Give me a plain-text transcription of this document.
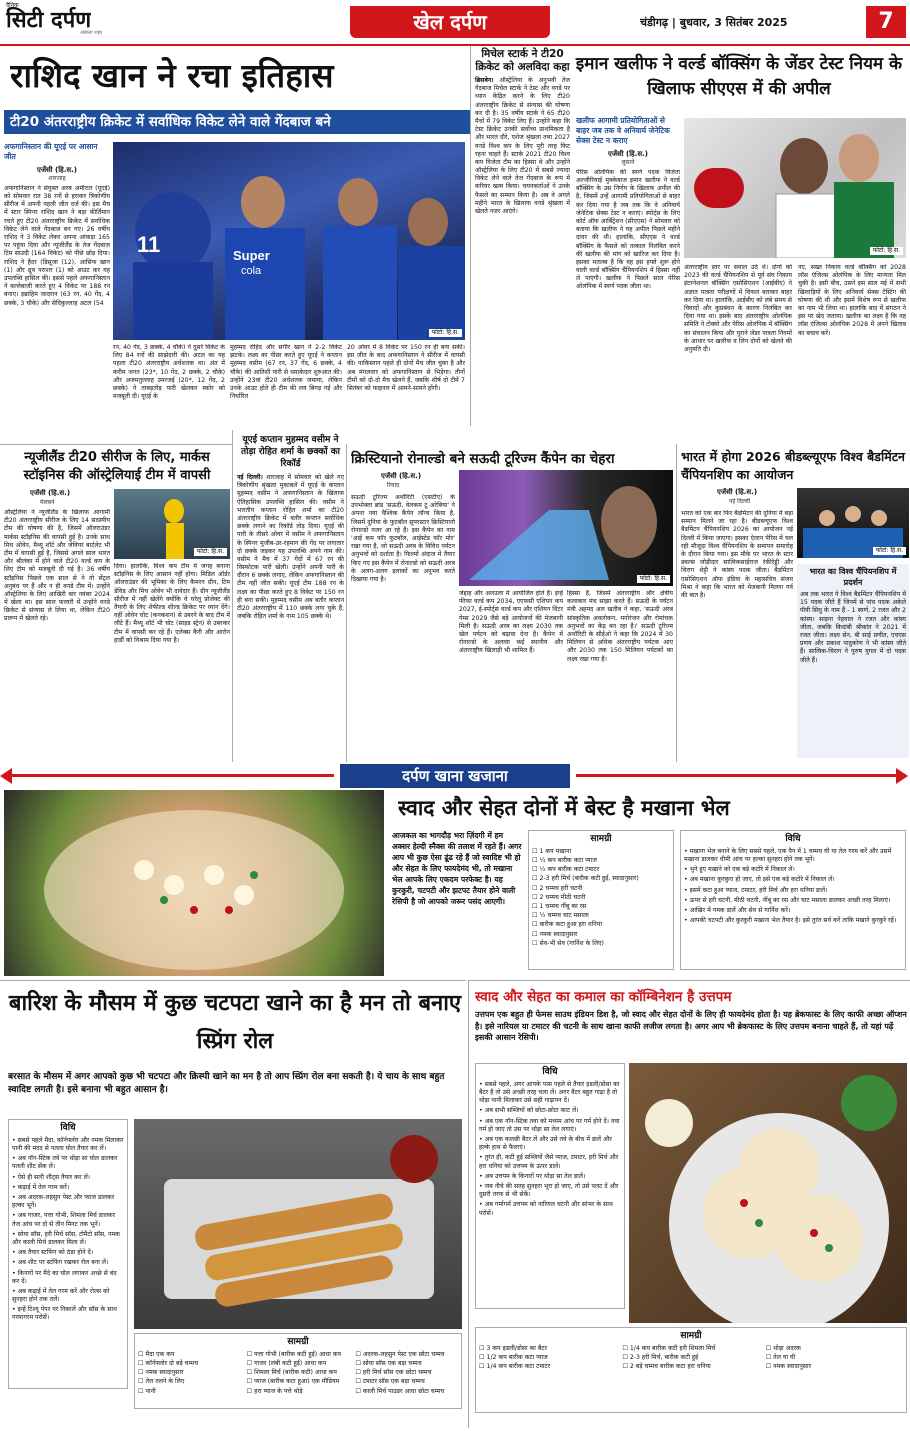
दैनिक
सिटी दर्पण
अंबाला शहर	खेल दर्पण	चंडीगढ़ | बुधवार, 3 सितंबर 2025	7
राशिद खान ने रचा इतिहास
टी20 अंतरराष्ट्रीय क्रिकेट में सर्वाधिक विकेट लेने वाले गेंदबाज बने
अफगानिस्तान की यूएई पर आसान जीत
एजेंसी (हि.स.)
शारजाह
अफगानिस्तान ने संयुक्त अरब अमीरात (यूएई) को सोमवार रात 38 रनों से हराकर त्रिकोणीय सीरीज में अपनी पहली जीत दर्ज की। इस मैच में स्टार स्पिनर राशिद खान ने बड़ा कीर्तिमान रचते हुए टी20 अंतरराष्ट्रीय क्रिकेट में सर्वाधिक विकेट लेने वाले गेंदबाज बन गए। 26 वर्षीय राशिद ने 3 विकेट लेकर अपना आंकड़ा 165 पर पहुंचा दिया और न्यूजीलैंड के तेज गेंदबाज टिम साउदी (164 विकेट) को पीछे छोड़ दिया। राशिद ने हैदर (डिसूजा (12), आसिफ खान (1) और ध्रुव पराशर (1) को आउट कर यह उपलब्धि हासिल की। इससे पहले अफगानिस्तान ने बल्लेबाजी करते हुए 4 विकेट पर 188 रन बनाए। इब्राहिम जादरान (63 रन, 40 गेंद, 4 छक्के, 3 चौके) और सेदिकुल्लाह अटल (54
11	Super
cola
फोटो: हि.स.
रन, 40 गेंद, 3 छक्के, 4 चौके) ने दूसरे विकेट के लिए 84 रनों की साझेदारी की। अटल का यह पहला टी20 अंतरराष्ट्रीय अर्धशतक था। अंत में करीम जनत (23*, 10 गेंद, 2 छक्के, 2 चौके) और अजमतुल्लाह उमरजई (20*, 12 गेंद, 2 छक्के) ने ताबड़तोड़ पारी खेलकर स्कोर को मजबूती दी। यूएई के
मुहम्मद रोहिद और सगीर खान ने 2-2 विकेट झटके। लक्ष्य का पीछा करते हुए यूएई ने कप्तान मुहम्मद वसीम (67 रन, 37 गेंद, 6 छक्के, 4 चौके) की आतिशी पारी से धमाकेदार शुरुआत की। उन्होंने 23वां टी20 अर्धशतक जमाया, लेकिन उनके आउट होते ही टीम की लय बिगड़ गई और निर्धारित
20 ओवर में 8 विकेट पर 150 रन ही बना सकी। इस जीत के बाद अफगानिस्तान ने सीरीज में वापसी की। पाकिस्तान पहले ही दोनों मैच जीत चुका है और अब मंगलवार को अफगानिस्तान से भिड़ेगा। तीनों टीमों को दो-दो मैच खेलने हैं, जबकि शीर्ष दो टीमें 7 सितंबर को फाइनल में आमने-सामने होंगी।
मिचेल स्टार्क ने टी20 क्रिकेट को अलविदा कहा
ब्रिसबेन। ऑस्ट्रेलिया के अनुभवी तेज गेंदबाज मिचेल स्टार्क ने टेस्ट और वनडे पर ध्यान केंद्रित करने के लिए टी20 अंतरराष्ट्रीय क्रिकेट से संन्यास की घोषणा कर दी है। 35 वर्षीय स्टार्क ने 65 टी20 मैचों में 79 विकेट लिए हैं। उन्होंने कहा कि टेस्ट क्रिकेट उनकी सर्वोच्च प्राथमिकता है और भारत दौरे, एशेज श्रृंखला तथा 2027 वनडे विश्व कप के लिए पूरी तरह फिट रहना चाहते हैं। स्टार्क 2021 टी20 विश्व कप विजेता टीम का हिस्सा थे और उन्होंने ऑस्ट्रेलिया के लिए टी20 में सबसे ज्यादा विकेट लेने वाले तेज गेंदबाज के रूप में करियर खत्म किया। चयनकर्ताओं ने उनके फैसले का सम्मान किया है। अब वे अगले महीने भारत के खिलाफ वनडे श्रृंखला में खेलते नजर आएंगे।
इमान खलीफ ने वर्ल्ड बॉक्सिंग के जेंडर टेस्ट नियम के खिलाफ सीएएस में की अपील
खलीफ आगामी प्रतियोगिताओं से बाहर जब तक वे अनिवार्य जेनेटिक सेक्स टेस्ट न कराए
एजेंसी (हि.स.)
लुसाने
पेरिस ओलंपिक की स्वर्ण पदक विजेता अल्जीरियाई मुक्केबाज इमान खलीफ ने वर्ल्ड बॉक्सिंग के उस निर्णय के खिलाफ अपील की है, जिसमें उन्हें आगामी प्रतियोगिताओं से बाहर कर दिया गया है जब तक कि वे अनिवार्य जेनेटिक सेक्स टेस्ट न कराएं। स्पोर्ट्स के लिए कोर्ट ऑफ आर्बिट्रेशन (सीएएस) ने सोमवार को बताया कि खलीफ ने यह अपील पिछले महीने दायर की थी। हालांकि, सीएएस ने वर्ल्ड बॉक्सिंग के फैसले को तत्काल निलंबित करने की खलीफ की मांग को खारिज कर दिया है। इसका मतलब है कि वह इस हफ्ते शुरू होने वाली वर्ल्ड बॉक्सिंग चैंपियनशिप में हिस्सा नहीं ले पाएंगी। खलीफ ने पिछले साल पेरिस ओलंपिक में स्वर्ण पदक जीता था।
फोटो: हि.स.
अंतरराष्ट्रीय स्तर पर सवाल उठे थे। दोनों को 2023 की वर्ल्ड चैंपियनशिप से पूर्व संघ निकाय इंटरनेशनल बॉक्सिंग एसोसिएशन (आईबीए) ने अज्ञात पात्रता परीक्षणों में विफल बताकर बाहर कर दिया था। हालांकि, आईबीए को लंबे समय से विवादों और कुप्रबंधन के कारण निलंबित कर दिया गया था। इसके बाद अंतरराष्ट्रीय ओलंपिक समिति ने टोक्यो और पेरिस ओलंपिक में बॉक्सिंग का संचालन किया और पुराने जेंडर पात्रता नियमों के आधार पर खलीफ व लिन दोनों को खेलने की अनुमति दी।
नए, सख्त निकाय वर्ल्ड बॉक्सिंग को 2028 लॉस एंजिल्स ओलंपिक के लिए मान्यता मिल चुकी है। इसी बीच, उसने इस साल मई में सभी खिलाड़ियों के लिए अनिवार्य सेक्स टेस्टिंग की घोषणा की थी और इसमें विशेष रूप से खलीफ का नाम भी लिया था। हालांकि बाद में संगठन ने इस पर खेद जताया। खलीफ का लक्ष्य है कि वह लॉस एंजिल्स ओलंपिक 2028 में अपने खिताब का बचाव करें।
न्यूजीलैंड टी20 सीरीज के लिए, मार्कस स्टॉइनिस की ऑस्ट्रेलियाई टीम में वापसी
एजेंसी (हि.स.)
मेलबर्न
ऑस्ट्रेलिया ने न्यूजीलैंड के खिलाफ आगामी टी20 अंतरराष्ट्रीय सीरीज के लिए 14 सदस्यीय टीम की घोषणा की है, जिसमें ऑलराउंडर मार्कस स्टॉइनिस की वापसी हुई है। उनके साथ मिच ओवेन, मैथ्यू शॉर्ट और जेवियर बार्टलेट भी टीम में वापसी हुई है, जिससे अगले साल भारत और श्रीलंका में होने वाले टी20 वर्ल्ड कप के लिए टीम को मजबूती दी गई है। 36 वर्षीय स्टॉइनिस पिछले एक साल से ने तो सेंट्रल अनुबंध पर हैं और न ही वनडे टीम में। उन्होंने ऑस्ट्रेलिया के लिए आखिरी बार नवंबर 2024 में खेला था। इस साल फरवरी में उन्होंने वनडे क्रिकेट से संन्यास ले लिया था, लेकिन टी20 प्रारूप में खेलते रहे।
फोटो: हि.स.
दिया। हालांकि, विश्व कप टीम में जगह बनाना स्टॉइनिस के लिए आसान नहीं होगा। मिडिल ऑर्डर ऑलराउंडर की भूमिका के लिए कैमरन ग्रीन, टिम डेविड और मिच ओवेन भी दावेदार हैं। ग्रीन न्यूजीलैंड सीरीज में नहीं खेलेंगे क्योंकि वे घरेलू प्रोजेक्ट की तैयारी के लिए शेफील्ड शील्ड क्रिकेट पर ध्यान देंगे। वहीं ओवेन चोट (कनकशन) से उबरने के बाद टीम में लौटे हैं। मैथ्यू शॉर्ट भी चोट (साइड स्ट्रेन) से उबरकर टीम में वापसी कर रहे हैं। एलेक्स कैरी और आरोन हार्डी को विश्राम दिया गया है।
यूएई कप्तान मुहम्मद वसीम ने तोड़ा रोहित शर्मा के छक्कों का रिकॉर्ड
नई दिल्ली। शारजाह में सोमवार को खेले गए त्रिकोणीय श्रृंखला मुकाबले में यूएई के कप्तान मुहम्मद वसीम ने अफगानिस्तान के खिलाफ ऐतिहासिक उपलब्धि हासिल की। वसीम ने भारतीय कप्तान रोहित शर्मा का टी20 अंतरराष्ट्रीय क्रिकेट में बतौर कप्तान सर्वाधिक छक्के लगाने का रिकॉर्ड तोड़ दिया। यूएई की पारी के तीसरे ओवर में वसीम ने अफगानिस्तान के स्पिनर मुजीब-उर-रहमान की गेंद पर लगातार दो छक्के जड़कर यह उपलब्धि अपने नाम की। वसीम ने मैच में 37 गेंदों में 67 रन की विस्फोटक पारी खेली। उन्होंने अपनी पारी के दौरान 6 छक्के लगाए, लेकिन अफगानिस्तान की टीम नहीं जीत सकी। यूएई टीम 188 रन के लक्ष्य का पीछा करते हुए 8 विकेट पर 150 रन ही बना सकी। मुहम्मद वसीम अब बतौर कप्तान टी20 अंतरराष्ट्रीय में 110 छक्के लगा चुके हैं, जबकि रोहित शर्मा के नाम 105 छक्के थे।
क्रिस्टियानो रोनाल्डो बने सऊदी टूरिज्म कैंपेन का चेहरा
एजेंसी (हि.स.)
रियाद
फोटो: हि.स.
सऊदी टूरिज्म अथॉरिटी (एसटीए) के उपभोक्ता ब्रांड 'सऊदी, वेलकम टू अरेबिया' ने अपना नया वैश्विक कैंपेन लॉन्च किया है, जिसमें दुनिया के फुटबॉल सुपरस्टार क्रिस्टियानो रोनाल्डो नजर आ रहे हैं। इस कैंपेन का नाम 'आई कम फॉर फुटबॉल, आईस्टेड फॉर मोर' रखा गया है, जो सऊदी अरब के विविध पर्यटन अनुभवों को दर्शाता है। फिल्मों अंदाज में तैयार किए गए इस कैंपेन में रोनाल्डो को सऊदी अरब के अलग-अलग इलाकों का अनुभव करते दिखाया गया है।
जेद्दाह और अलउला में आयोजित होते हैं। इन्हें फीफा वर्ल्ड कप 2034, एएफसी एशियन कप 2027, ई-स्पोर्ट्स वर्ल्ड कप और एशियन विंटर गेम्स 2029 जैसे बड़े आयोजनों की मेजबानी मिली है। सऊदी अरब का लक्ष्य 2030 तक खेल पर्यटन को बढ़ावा देना है। कैंपेन में रोनाल्डो के अलावा कई स्थानीय और अंतरराष्ट्रीय खिलाड़ी भी शामिल हैं।
हिस्सा है, जिसमें अंतरराष्ट्रीय और क्षेत्रीय कलाकार मंच साझा करते हैं। सऊदी के पर्यटन मंत्री अहमद अल खतीब ने कहा, 'सऊदी अरब सांस्कृतिक अवलोकन, मनोरंजन और रोमांचक अनुभवों का केंद्र बन रहा है।' सऊदी टूरिज्म अथॉरिटी के सीईओ ने कहा कि 2024 में 30 मिलियन से अधिक अंतरराष्ट्रीय पर्यटक आए और 2030 तक 150 मिलियन पर्यटकों का लक्ष्य रखा गया है।
भारत में होगा 2026 बीडब्ल्यूएफ विश्व बैडमिंटन चैंपियनशिप का आयोजन
एजेंसी (हि.स.)
नई दिल्ली
भारत को एक बार फिर बैडमिंटन की दुनिया में बड़ा सम्मान मिलने जा रहा है। बीडब्ल्यूएफ विश्व बैडमिंटन चैंपियनशिप 2026 का आयोजन नई दिल्ली में किया जाएगा। इसका ऐलान पेरिस में चल रही मौजूदा विश्व चैंपियनशिप के समापन समारोह के दौरान किया गया। इस मौके पर भारत के स्टार डबल्स जोड़ीदार सात्विकसाईराज रंकीरेड्डी और चिराग शेट्टी ने कांस्य पदक जीता। बैडमिंटन एसोसिएशन ऑफ इंडिया के महासचिव संजय मिश्रा ने कहा कि भारत को मेजबानी मिलना गर्व की बात है।
फोटो: हि.स.
भारत का विश्व चैंपियनशिप में प्रदर्शन
अब तक भारत ने विश्व बैडमिंटन चैंपियनशिप में 15 पदक जीते हैं जिनमें से पांच पदक अकेले पीवी सिंधु के नाम हैं - 1 स्वर्ण, 2 रजत और 2 कांस्य। साइना नेहवाल ने रजत और कांस्य जीता, जबकि किदांबी श्रीकांत ने 2021 में रजत जीता। लक्ष्य सेन, बी साई प्रणीत, एचएस प्रणय और प्रकाश पादुकोण ने भी कांस्य जीते हैं। सात्विक-चिराग ने पुरुष युगल में दो पदक जीते हैं।
दर्पण खाना खजाना
स्वाद और सेहत दोनों में बेस्ट है मखाना भेल
आजकल का भागदौड़ भरा ज़िंदगी में हम अक्सर हेल्दी स्नैक्स की तलाश में रहते हैं। अगर आप भी कुछ ऐसा ढूंढ रहे हैं जो स्वादिष्ट भी हो और सेहत के लिए फायदेमंद भी, तो मखाना भेल आपके लिए एकदम परफेक्ट है। यह कुरकुरी, चटपटी और झटपट तैयार होने वाली रेसिपी है जो आपको जरूर पसंद आएगी।
सामग्री
☐ 1 कप मखाना
☐ ¼ कप बारीक कटा प्याज
☐ ½ कप बारीक कटा टमाटर
☐ 2-3 हरी मिर्च (बारीक कटी हुई, स्वादानुसार)
☐ 2 चम्मच हरी चटनी
☐ 2 चम्मच मीठी चटनी
☐ 1 चम्मच नींबू का रस
☐ ½ चम्मच चाट मसाला
☐ बारीक कटा हुआ हरा धनिया
☐ नमक स्वादानुसार
☐ सेव-भी सेव (गार्निश के लिए)
विधि
• मखाना भेल बनाने के लिए सबसे पहले, एक पैन में 1 चम्मच घी या तेल गरम करें और उसमें मखाना डालकर धीमी आंच पर हल्का सुनहरा होने तक भूनें।
• भुने हुए मखाने को एक बड़े कटोरे में निकाल लें।
• अब मखाना कुरकुरा हो जाए, तो इसे एक बड़े कटोरे में निकाल लें।
• इसमें कटा हुआ प्याज, टमाटर, हरी मिर्च और हरा धनिया डालें।
• ऊपर से हरी चटनी, मीठी चटनी, नींबू का रस और चाट मसाला डालकर अच्छी तरह मिलाएं।
• आखिर में नमक डालें और सेव से गार्निश करें।
• आपकी चटपटी और कुरकुरी मखाना भेल तैयार है। इसे तुरंत सर्व करें ताकि मखाने कुरकुरे रहें।
बारिश के मौसम में कुछ चटपटा खाने का है मन तो बनाए स्प्रिंग रोल
बरसात के मौसम में अगर आपको कुछ भी चटपटा और क्रिस्पी खाने का मन है तो आप स्प्रिंग रोल बना सकती है। ये चाय के साथ बहुत स्वादिष्ट लगती है। इसे बनाना भी बहुत आसान है।
विधि
• सबसे पहले मैदा, कॉर्नफ्लोर और नमक मिलाकर पानी की मदद से पतला घोल तैयार कर लें।
• अब नॉन-स्टिक तवे पर थोड़ा सा घोल डालकर पतली शीट सेंक लें।
• ऐसे ही सारी शीट्स तैयार कर लें।
• कढ़ाई में तेल गरम करें।
• अब अदरक-लहसुन पेस्ट और प्याज डालकर हल्का भूनें।
• अब गाजर, पत्ता गोभी, शिमला मिर्च डालकर तेज आंच पर दो से तीन मिनट तक भूनें।
• सोया सॉस, हरी मिर्च सॉस, टोमैटो सॉस, नमक और काली मिर्च डालकर मिला लें।
• अब तैयार स्टफिंग को ठंडा होने दें।
• अब शीट पर स्टफिंग रखकर रोल बना लें।
• किनारों पर मैदे का घोल लगाकर अच्छे से बंद कर दें।
• अब कढ़ाई में तेल गरम करें और रोल्स को सुनहरा होने तक तलें।
• इन्हें टिश्यू पेपर पर निकालें और सॉस के साथ गरमागरम परोसें।
सामग्री
☐ मैदा एक कप
☐ कॉर्नफ्लोर दो बड़े चम्मच
☐ नमक स्वादानुसार
☐ तेल तलने के लिए
☐ पानी
☐ पत्ता गोभी (बारीक कटी हुई) आधा कप
☐ गाजर (लंबी कटी हुई) आधा कप
☐ शिमला मिर्च (बारीक कटी) आधा कप
☐ प्याज (बारीक कटा हुआ) एक मीडियम
☐ हरा प्याज के पत्ते थोड़े
☐ अदरक-लहसुन पेस्ट एक छोटा चम्मच
☐ सोया सॉस एक बड़ा चम्मच
☐ हरी मिर्च सॉस एक छोटा चम्मच
☐ टमाटर सॉस एक बड़ा चम्मच
☐ काली मिर्च पाउडर आधा छोटा चम्मच
स्वाद और सेहत का कमाल का कॉम्बिनेशन है उत्तपम
उत्तपम एक बहुत ही फेमस साउथ इंडियन डिश है, जो स्वाद और सेहत दोनों के लिए ही फायदेमंद होता है। यह ब्रेकफास्ट के लिए काफी अच्छा ऑप्शन है। इसे नारियल या टमाटर की चटनी के साथ खाना काफी लजीज लगता है। अगर आप भी ब्रेकफास्ट के लिए उत्तपम बनाना चाहते हैं, तो यहां पढ़ें इसकी आसान रेसिपी।
विधि
• सबसे पहले, अगर आपके पास पहले से तैयार इडली/डोसा का बैटर है तो उसे अच्छी तरह चला लें। अगर बैटर बहुत गाढ़ा है तो थोड़ा पानी मिलाकर उसे सही गाढ़ापन दें।
• अब सभी सब्जियों को छोटा-छोटा काट लें।
• अब एक नॉन-स्टिक तवा को मध्यम आंच पर गर्म होने दें। तवा गर्म हो जाए तो उस पर थोड़ा सा तेल लगाएं।
• अब एक कलछी बैटर लें और उसे तवे के बीच में डालें और हल्के हाथ से फैलाएं।
• तुरंत ही, कटी हुई सब्जियों जैसे प्याज, टमाटर, हरी मिर्च और हरा धनिया को उत्तपम के ऊपर डालें।
• अब उत्तपम के किनारों पर थोड़ा सा तेल डालें।
• जब नीचे की सतह सुनहरा भूरा हो जाए, तो उसे पलट दें और दूसरी तरफ से भी सेकें।
• अब गर्मागर्म उत्तपम को नारियल चटनी और सांभर के साथ परोसें।
सामग्री
☐ 3 कप इडली/डोसा का बैटर
☐ 1/2 कप बारीक कटा प्याज
☐ 1/4 कप बारीक कटा टमाटर
☐ 1/4 कप बारीक कटी हरी शिमला मिर्च
☐ 2-3 हरी मिर्च, बारीक कटी हुई
☐ 2 बड़े चम्मच बारीक कटा हरा धनिया
☐ थोड़ा अदरक
☐ तेल या घी
☐ नमक स्वादानुसार
